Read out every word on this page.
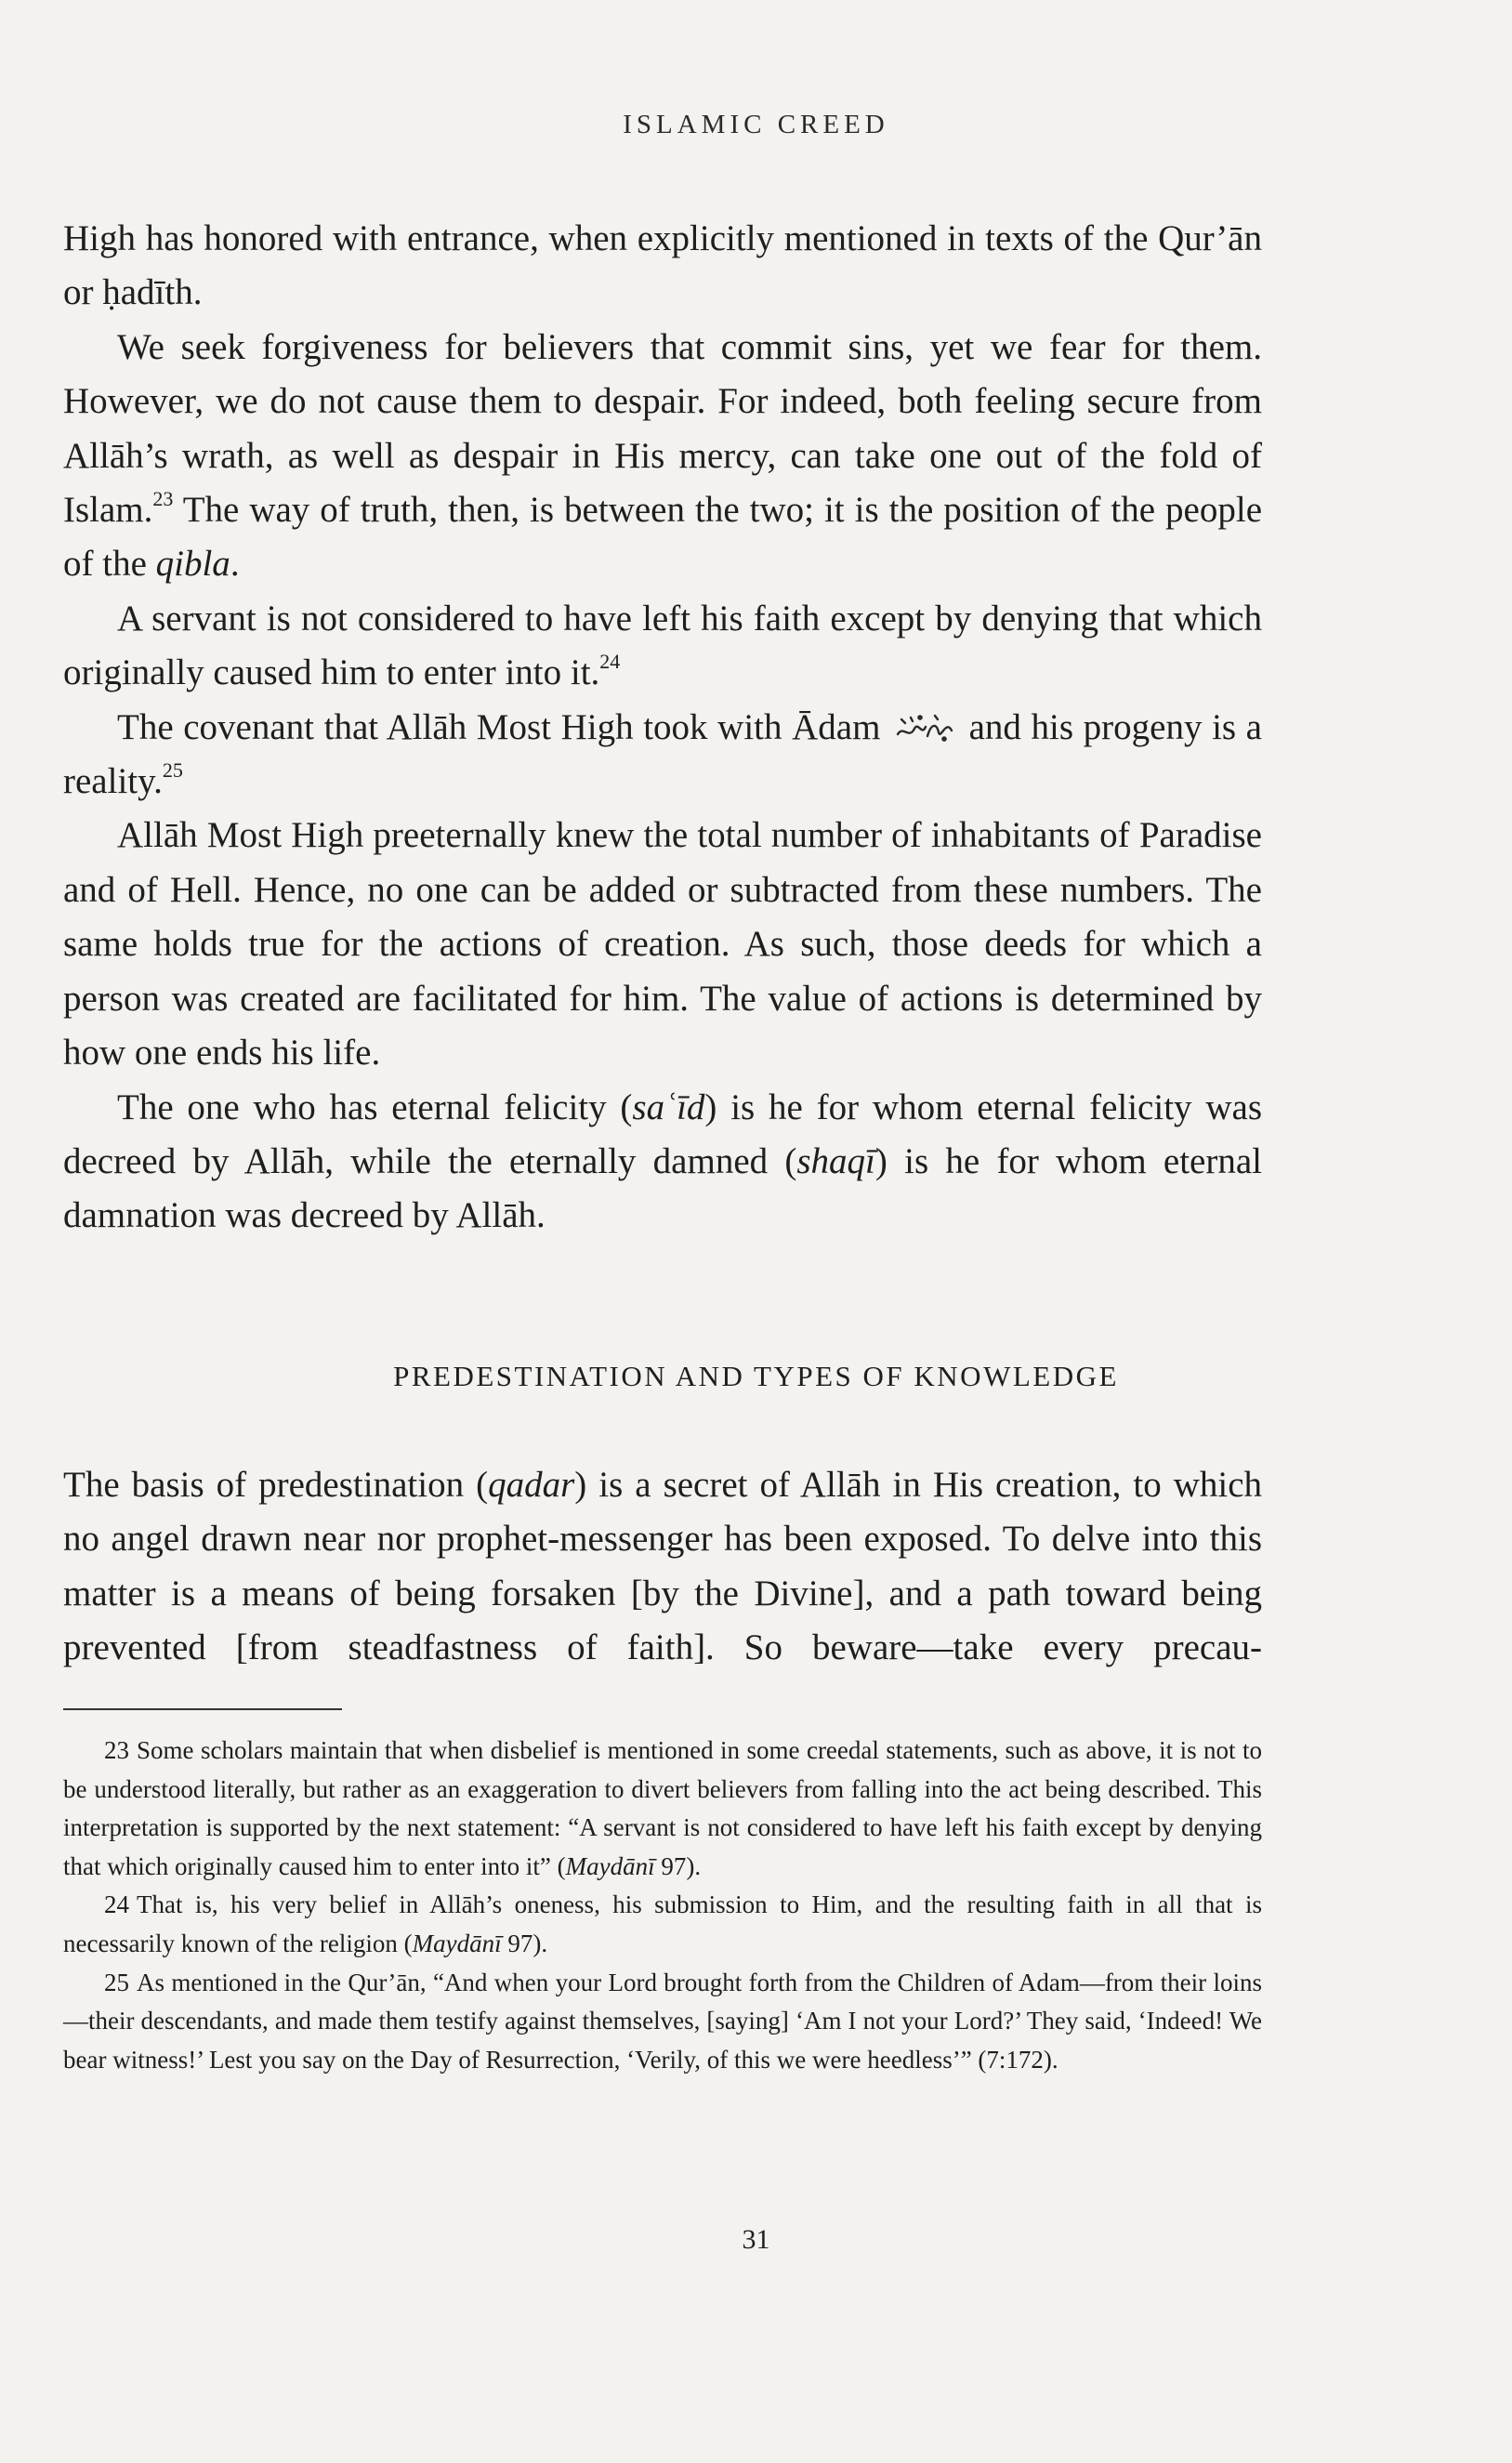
ISLAMIC CREED

High has honored with entrance, when explicitly mentioned in texts of the Qur’ān or ḥadīth.

We seek forgiveness for believers that commit sins, yet we fear for them. However, we do not cause them to despair. For indeed, both feeling secure from Allāh’s wrath, as well as despair in His mercy, can take one out of the fold of Islam.$^{23}$ The way of truth, then, is between the two; it is the position of the people of the qibla.

A servant is not considered to have left his faith except by denying that which originally caused him to enter into it.$^{24}$

The covenant that Allāh Most High took with Ādam
and his progeny is a reality.$^{25}$

Allāh Most High preeternally knew the total number of inhabitants of Paradise and of Hell. Hence, no one can be added or subtracted from these numbers. The same holds true for the actions of creation. As such, those deeds for which a person was created are facilitated for him. The value of actions is determined by how one ends his life.

The one who has eternal felicity (saʿīd) is he for whom eternal felicity was decreed by Allāh, while the eternally damned (shaqī) is he for whom eternal damnation was decreed by Allāh.

PREDESTINATION AND TYPES OF KNOWLEDGE

The basis of predestination (qadar) is a secret of Allāh in His creation, to which no angel drawn near nor prophet-messenger has been exposed. To delve into this matter is a means of being forsaken [by the Divine], and a path toward being prevented [from steadfastness of faith]. So beware—take every precau-

23 Some scholars maintain that when disbelief is mentioned in some creedal statements, such as above, it is not to be understood literally, but rather as an exaggeration to divert believers from falling into the act being described. This interpretation is supported by the next statement: “A servant is not considered to have left his faith except by denying that which originally caused him to enter into it” (Maydānī 97).

24 That is, his very belief in Allāh’s oneness, his submission to Him, and the resulting faith in all that is necessarily known of the religion (Maydānī 97).

25 As mentioned in the Qur’ān, “And when your Lord brought forth from the Children of Adam—from their loins—their descendants, and made them testify against themselves, [saying] ‘Am I not your Lord?’ They said, ‘Indeed! We bear witness!’ Lest you say on the Day of Resurrection, ‘Verily, of this we were heedless’” (7:172).

31
